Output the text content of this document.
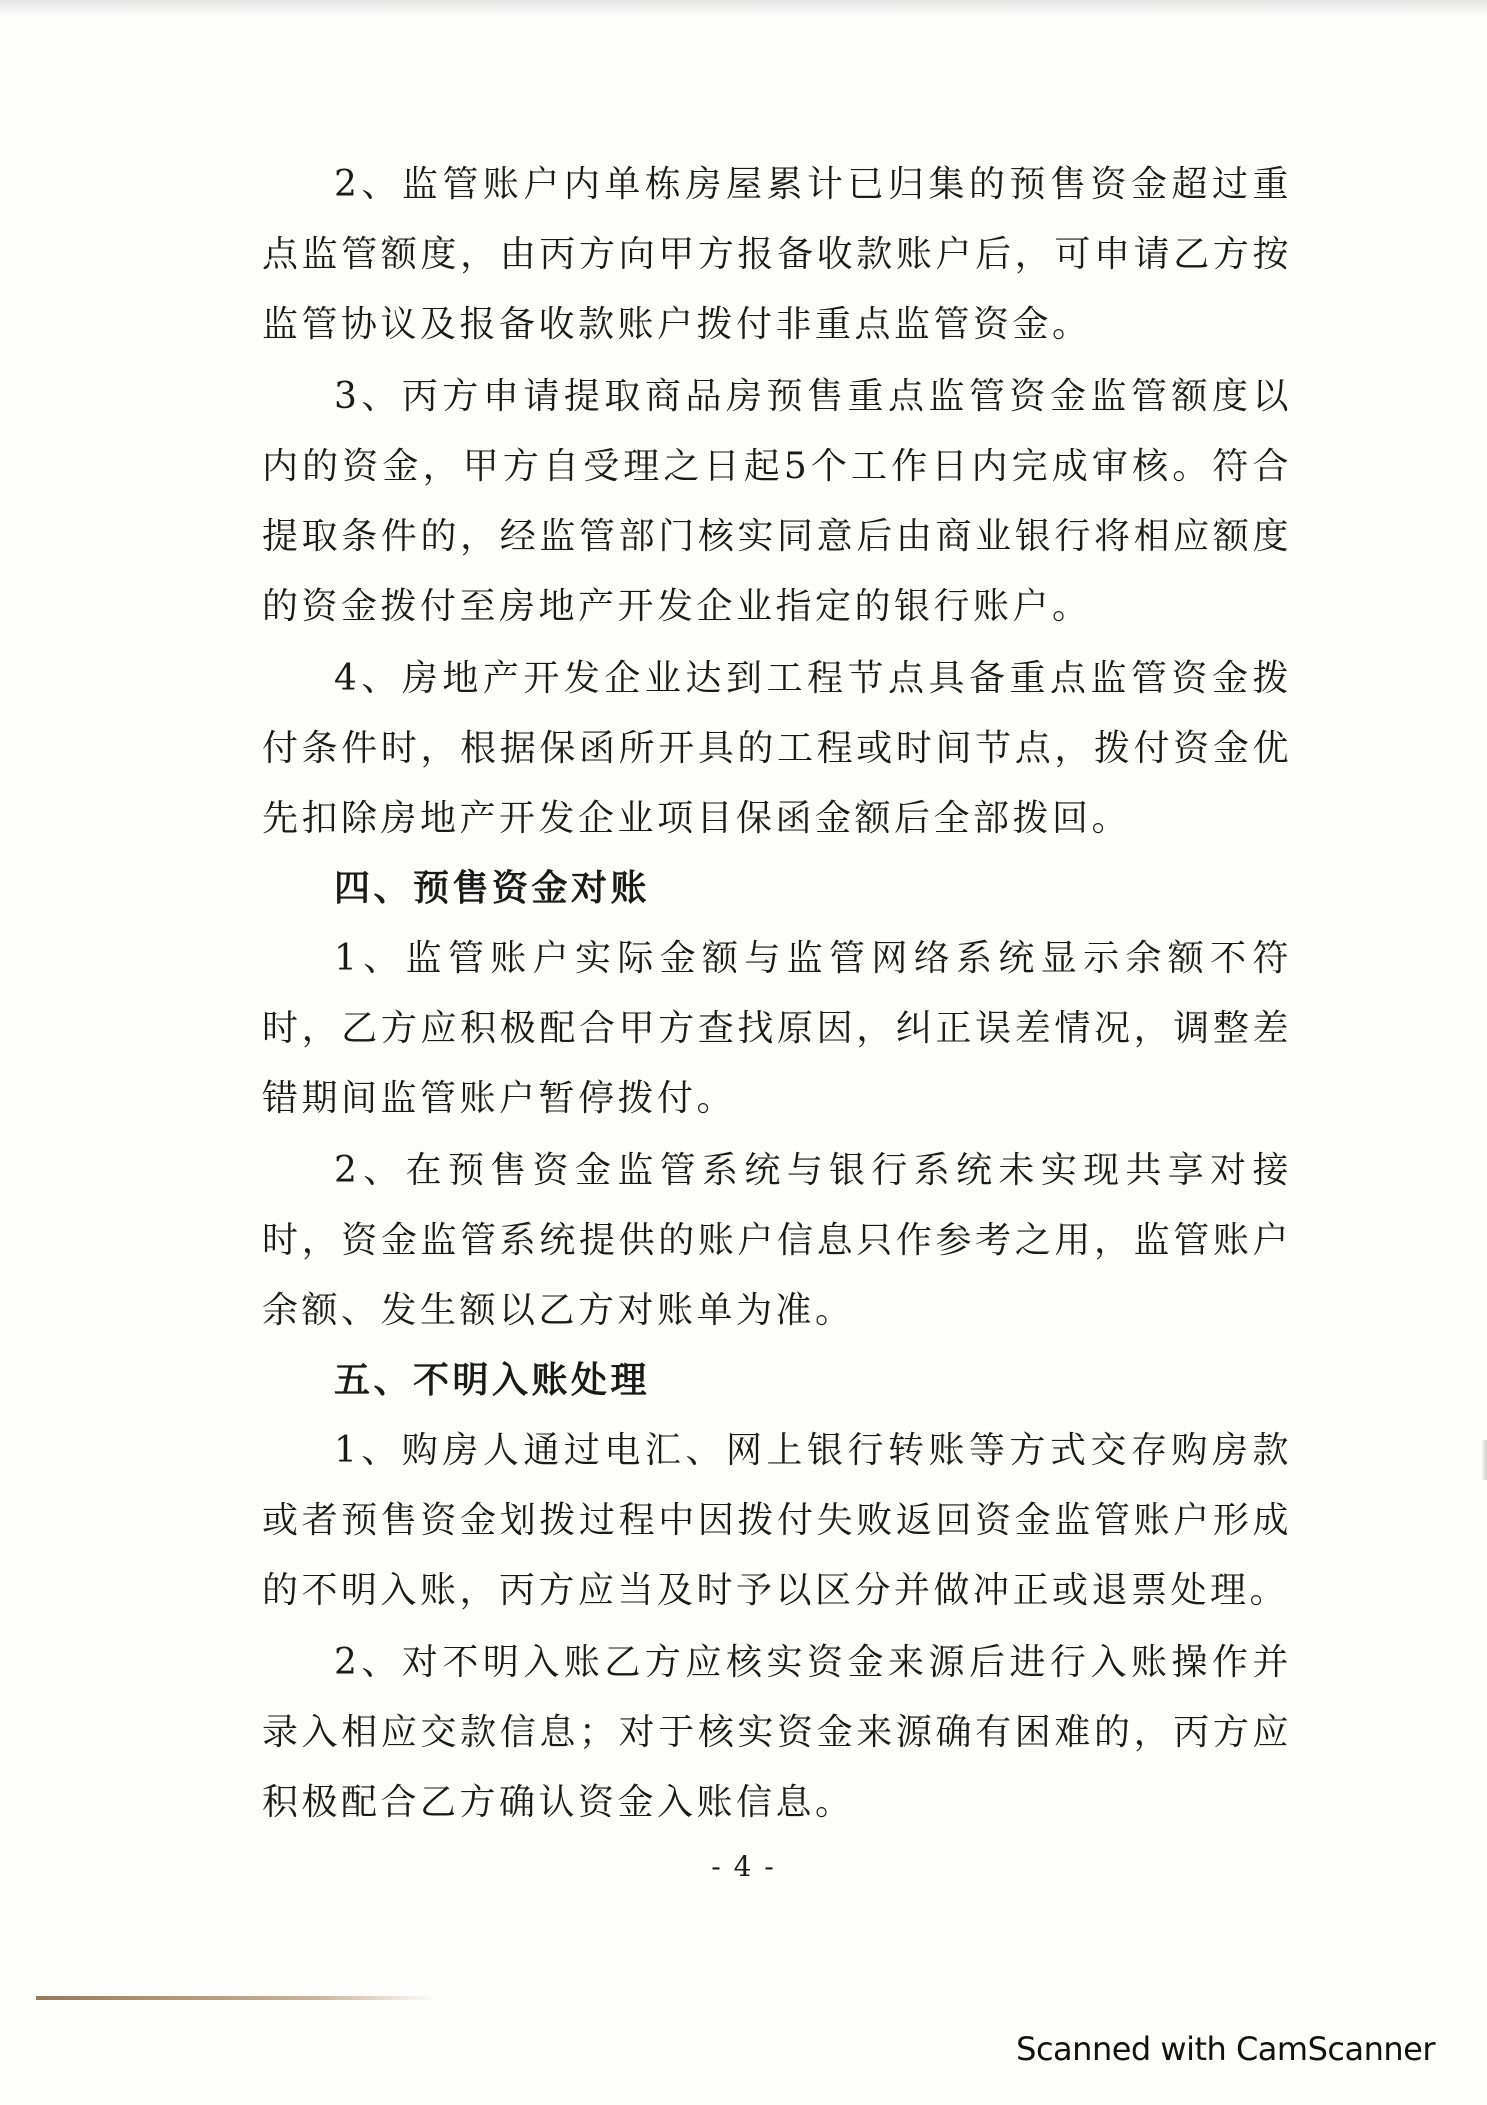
2、监管账户内单栋房屋累计已归集的预售资金超过重点监管额度，由丙方向甲方报备收款账户后，可申请乙方按监管协议及报备收款账户拨付非重点监管资金。

3、丙方申请提取商品房预售重点监管资金监管额度以内的资金，甲方自受理之日起5个工作日内完成审核。符合提取条件的，经监管部门核实同意后由商业银行将相应额度的资金拨付至房地产开发企业指定的银行账户。

4、房地产开发企业达到工程节点具备重点监管资金拨付条件时，根据保函所开具的工程或时间节点，拨付资金优先扣除房地产开发企业项目保函金额后全部拨回。

四、预售资金对账

1、监管账户实际金额与监管网络系统显示余额不符时，乙方应积极配合甲方查找原因，纠正误差情况，调整差错期间监管账户暂停拨付。

2、在预售资金监管系统与银行系统未实现共享对接时，资金监管系统提供的账户信息只作参考之用，监管账户余额、发生额以乙方对账单为准。

五、不明入账处理

1、购房人通过电汇、网上银行转账等方式交存购房款或者预售资金划拨过程中因拨付失败返回资金监管账户形成的不明入账，丙方应当及时予以区分并做冲正或退票处理。

2、对不明入账乙方应核实资金来源后进行入账操作并录入相应交款信息；对于核实资金来源确有困难的，丙方应积极配合乙方确认资金入账信息。

- 4 -
Scanned with CamScanner
